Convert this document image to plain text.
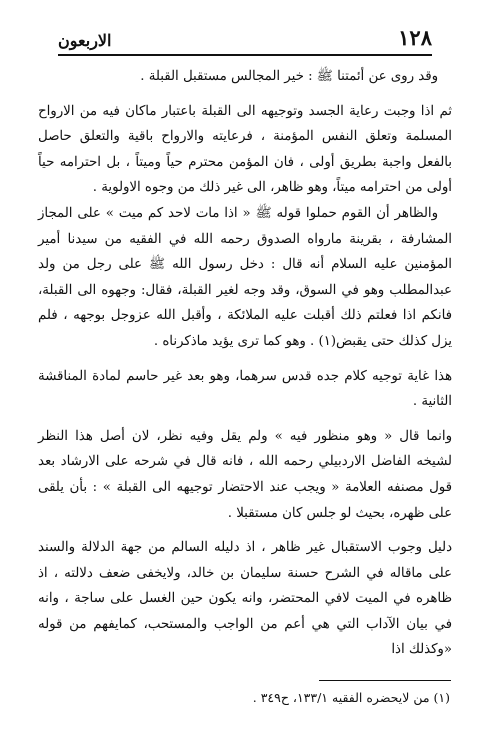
١٢٨
الاربعون

وقد روى عن أئمتنا ﷺ : خير المجالس مستقبل القبلة .

ثم اذا وجبت رعاية الجسد وتوجيهه الى القبلة باعتبار ماكان فيه من الارواح المسلمة وتعلق النفس المؤمنة ، فرعايته والارواح باقية والتعلق حاصل بالفعل واجبة بطريق أولى ، فان المؤمن محترم حياً وميتاً ، بل احترامه حياً أولى من احترامه ميتاً، وهو ظاهر، الى غير ذلك من وجوه الاولوية .

والظاهر أن القوم حملوا قوله ﷺ « اذا مات لاحد كم ميت » على المجاز المشارفة ، بقرينة مارواه الصدوق رحمه الله في الفقيه من سيدنا أمير المؤمنين عليه السلام أنه قال : دخل رسول الله ﷺ على رجل من ولد عبدالمطلب وهو في السوق، وقد وجه لغير القبلة، فقال: وجهوه الى القبلة، فانكم اذا فعلتم ذلك أقبلت عليه الملائكة ، وأقبل الله عزوجل بوجهه ، فلم يزل كذلك حتى يقبض(١) . وهو كما ترى يؤيد ماذكرناه .

هذا غاية توجيه كلام جده قدس سرهما، وهو بعد غير حاسم لمادة المناقشة الثانية .

وانما قال « وهو منظور فيه » ولم يقل وفيه نظر، لان أصل هذا النظر لشيخه الفاضل الاردبيلي رحمه الله ، فانه قال في شرحه على الارشاد بعد قول مصنفه العلامة « ويجب عند الاحتضار توجيهه الى القبلة » : بأن يلقى على ظهره، بحيث لو جلس كان مستقبلا .

دليل وجوب الاستقبال غير ظاهر ، اذ دليله السالم من جهة الدلالة والسند على ماقاله في الشرح حسنة سليمان بن خالد، ولايخفى ضعف دلالته ، اذ ظاهره في الميت لافي المحتضر، وانه يكون حين الغسل على ساجة ، وانه في بيان الآداب التي هي أعم من الواجب والمستحب، كمايفهم من قوله «وكذلك اذا

(١) من لايحضره الفقيه ١٣٣/١، ح٣٤٩ .
